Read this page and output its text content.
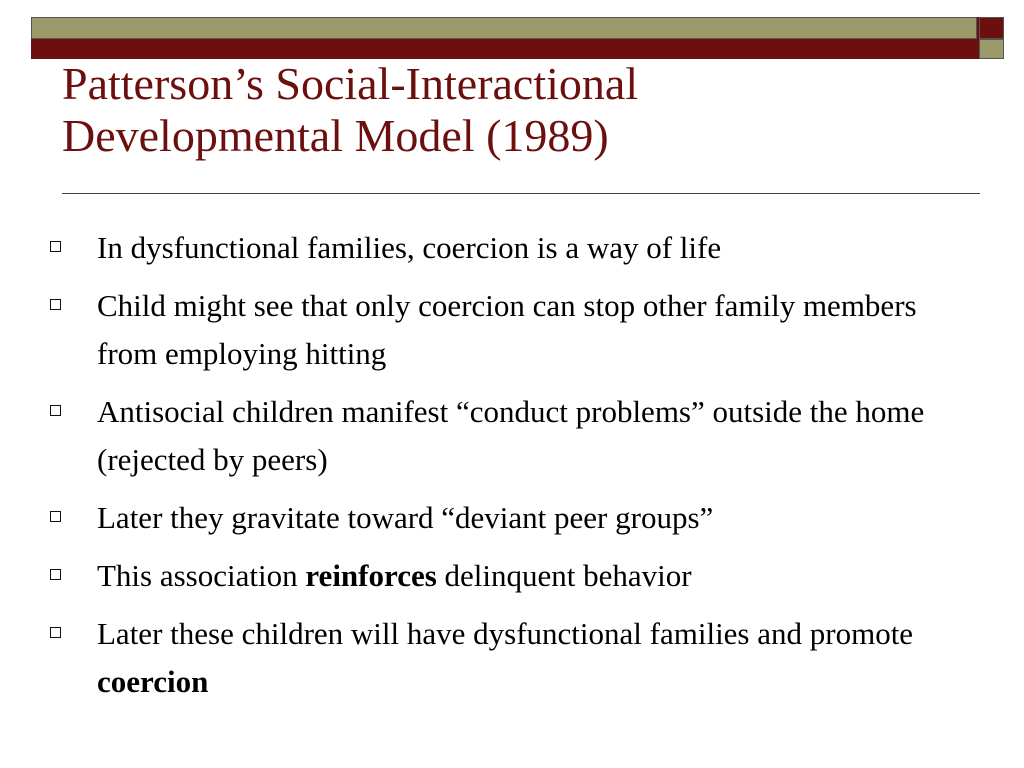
Patterson’s Social-Interactional
Developmental Model (1989)
In dysfunctional families, coercion is a way of life
Child might see that only coercion can stop other family members from employing hitting
Antisocial children manifest “conduct problems” outside the home (rejected by peers)
Later they gravitate toward “deviant peer groups”
This association reinforces delinquent behavior
Later these children will have dysfunctional families and promote coercion
